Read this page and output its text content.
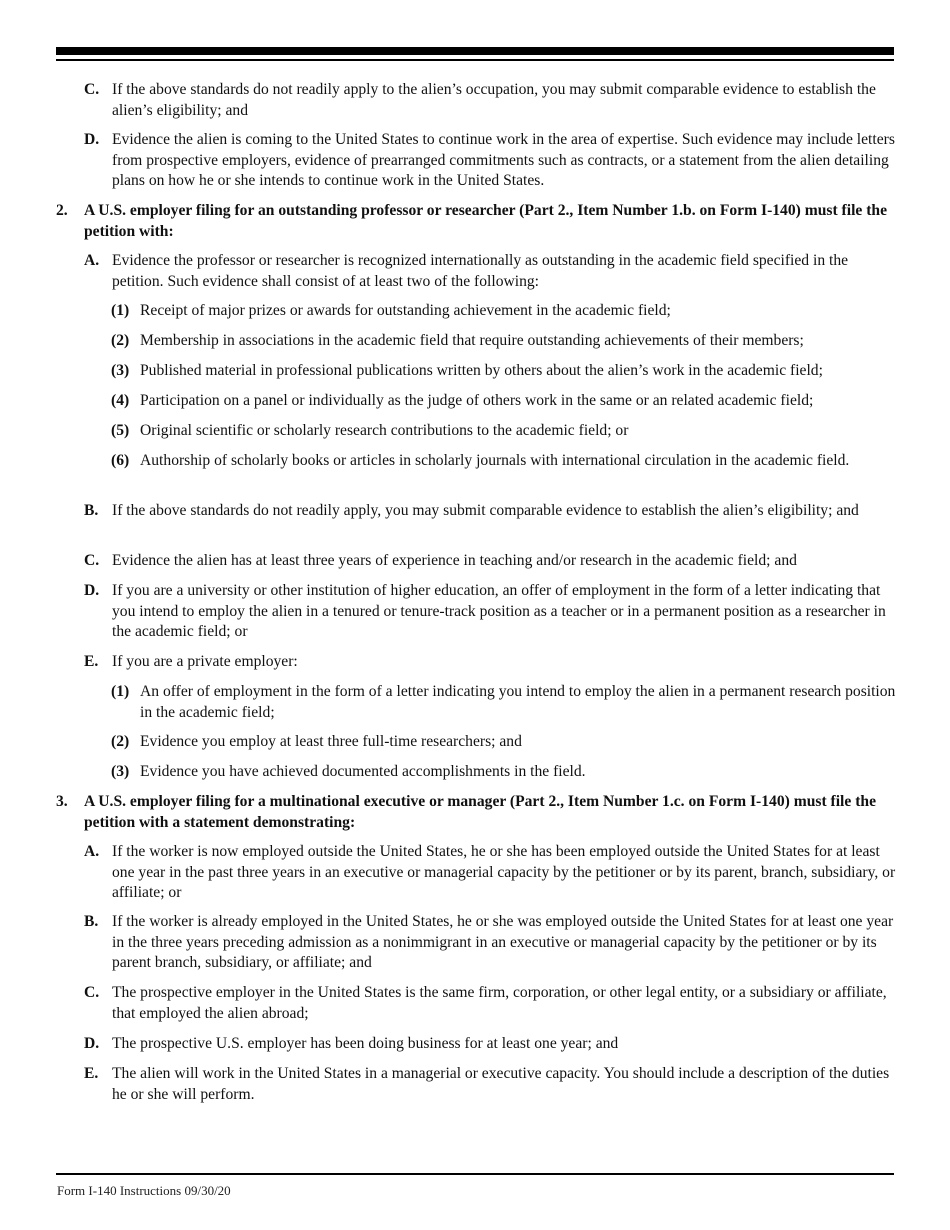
C. If the above standards do not readily apply to the alien’s occupation, you may submit comparable evidence to establish the alien’s eligibility; and
D. Evidence the alien is coming to the United States to continue work in the area of expertise. Such evidence may include letters from prospective employers, evidence of prearranged commitments such as contracts, or a statement from the alien detailing plans on how he or she intends to continue work in the United States.
2.	A U.S. employer filing for an outstanding professor or researcher (Part 2., Item Number 1.b. on Form I-140) must file the petition with:
A. Evidence the professor or researcher is recognized internationally as outstanding in the academic field specified in the petition. Such evidence shall consist of at least two of the following:
(1) Receipt of major prizes or awards for outstanding achievement in the academic field;
(2) Membership in associations in the academic field that require outstanding achievements of their members;
(3) Published material in professional publications written by others about the alien’s work in the academic field;
(4) Participation on a panel or individually as the judge of others work in the same or an related academic field;
(5) Original scientific or scholarly research contributions to the academic field; or
(6) Authorship of scholarly books or articles in scholarly journals with international circulation in the academic field.
B. If the above standards do not readily apply, you may submit comparable evidence to establish the alien’s eligibility; and
C. Evidence the alien has at least three years of experience in teaching and/or research in the academic field; and
D. If you are a university or other institution of higher education, an offer of employment in the form of a letter indicating that you intend to employ the alien in a tenured or tenure-track position as a teacher or in a permanent position as a researcher in the academic field; or
E. If you are a private employer:
(1) An offer of employment in the form of a letter indicating you intend to employ the alien in a permanent research position in the academic field;
(2) Evidence you employ at least three full-time researchers; and
(3) Evidence you have achieved documented accomplishments in the field.
3.	A U.S. employer filing for a multinational executive or manager (Part 2., Item Number 1.c. on Form I-140) must file the petition with a statement demonstrating:
A. If the worker is now employed outside the United States, he or she has been employed outside the United States for at least one year in the past three years in an executive or managerial capacity by the petitioner or by its parent, branch, subsidiary, or affiliate; or
B. If the worker is already employed in the United States, he or she was employed outside the United States for at least one year in the three years preceding admission as a nonimmigrant in an executive or managerial capacity by the petitioner or by its parent branch, subsidiary, or affiliate; and
C. The prospective employer in the United States is the same firm, corporation, or other legal entity, or a subsidiary or affiliate, that employed the alien abroad;
D. The prospective U.S. employer has been doing business for at least one year; and
E. The alien will work in the United States in a managerial or executive capacity. You should include a description of the duties he or she will perform.
Form I-140 Instructions 09/30/20
